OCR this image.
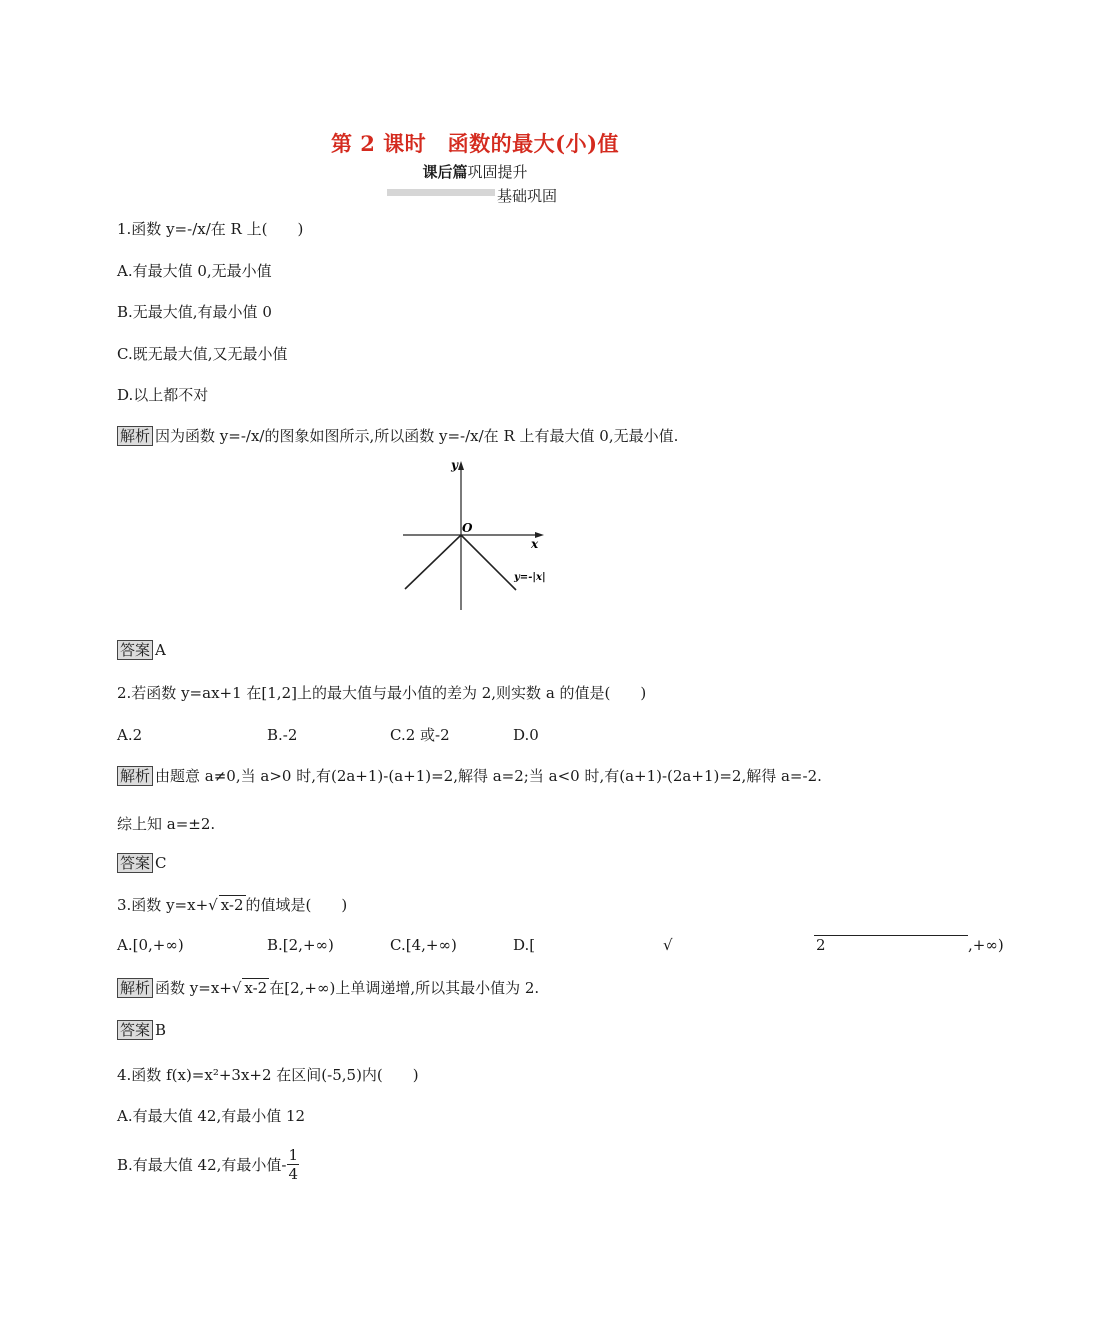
第 2 课时　函数的最大(小)值
课后篇巩固提升
基础巩固
1.函数 y=-/x/在 R 上(　　)
A.有最大值 0,无最小值
B.无最大值,有最小值 0
C.既无最大值,又无最小值
D.以上都不对
解析 因为函数 y=-/x/的图象如图所示,所以函数 y=-/x/在 R 上有最大值 0,无最小值.
y
x
O
y=-|x|
答案 A
2.若函数 y=ax+1 在[1,2]上的最大值与最小值的差为 2,则实数 a 的值是(　　)
A.2	B.-2	C.2 或-2	D.0
解析 由题意 a≠0,当 a>0 时,有(2a+1)-(a+1)=2,解得 a=2;当 a<0 时,有(a+1)-(2a+1)=2,解得 a=-2.
综上知 a=±2.
答案 C
3.函数 y=x+√ x-2 的值域是(　　)
A.[0,+∞)	B.[2,+∞)	C.[4,+∞)	D.[	√	2	,+∞)
解析 函数 y=x+√ x-2 在[2,+∞)上单调递增,所以其最小值为 2.
答案 B
4.函数 f(x)=x²+3x+2 在区间(-5,5)内(　　)
A.有最大值 42,有最小值 12
B.有最大值 42,有最小值- $\frac{1}{4}$
